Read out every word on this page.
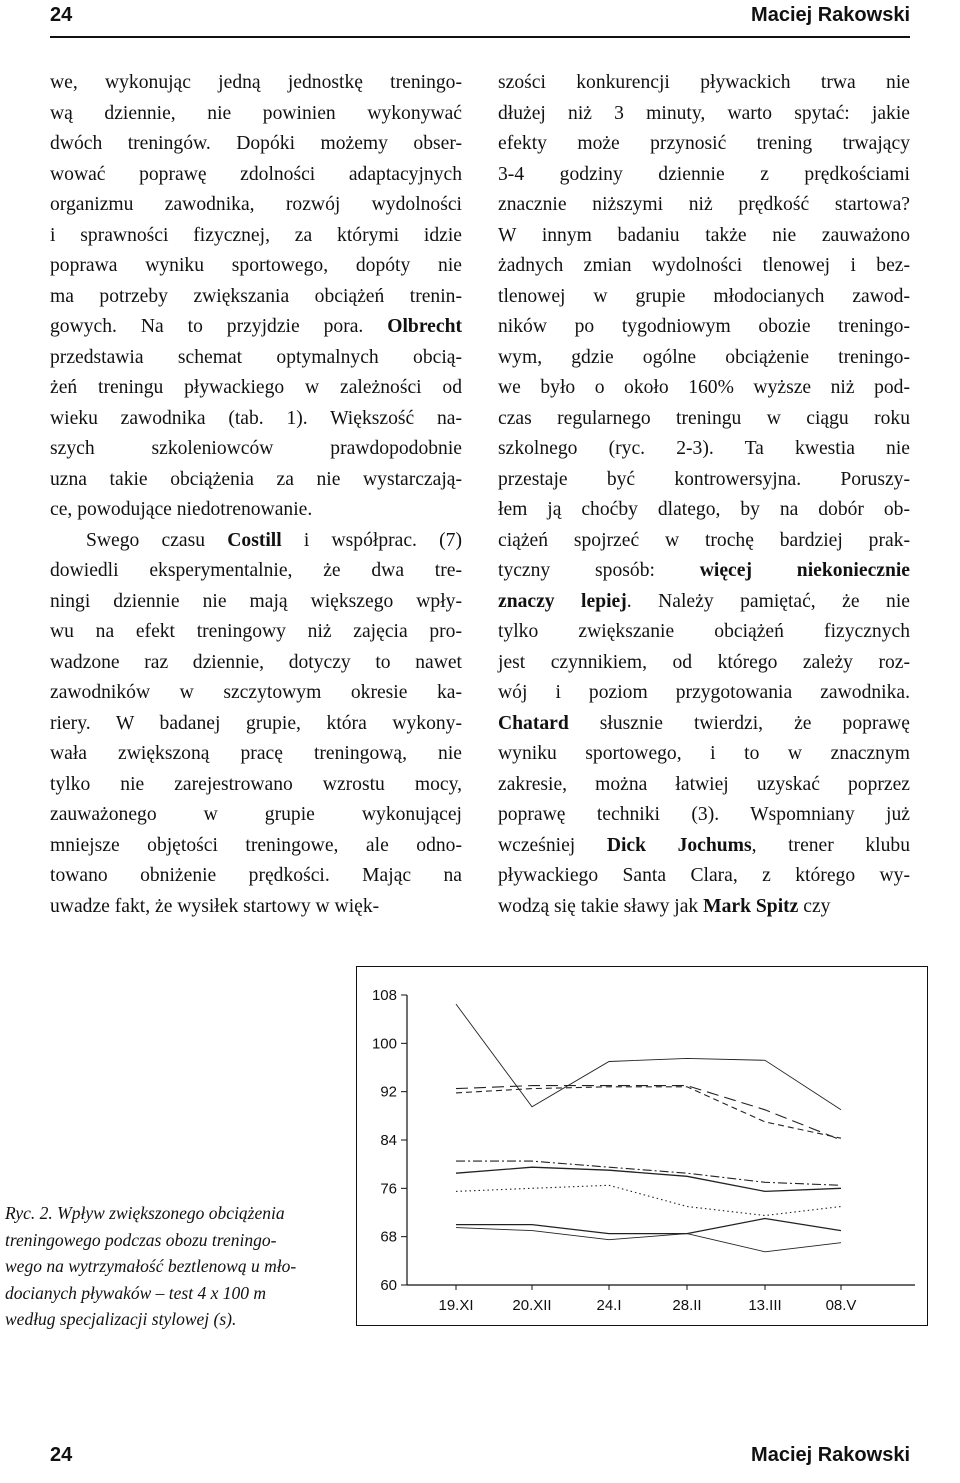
24	Maciej Rakowski
we, wykonując jedną jednostkę treningo-
wą dziennie, nie powinien wykonywać
dwóch treningów. Dopóki możemy obser-
wować poprawę zdolności adaptacyjnych
organizmu zawodnika, rozwój wydolności
i sprawności fizycznej, za którymi idzie
poprawa wyniku sportowego, dopóty nie
ma potrzeby zwiększania obciążeń trenin-
gowych. Na to przyjdzie pora. Olbrecht
przedstawia schemat optymalnych obcią-
żeń treningu pływackiego w zależności od
wieku zawodnika (tab. 1). Większość na-
szych szkoleniowców prawdopodobnie
uzna takie obciążenia za nie wystarczają-
ce, powodujące niedotrenowanie.
Swego czasu Costill i współprac. (7)
dowiedli eksperymentalnie, że dwa tre-
ningi dziennie nie mają większego wpły-
wu na efekt treningowy niż zajęcia pro-
wadzone raz dziennie, dotyczy to nawet
zawodników w szczytowym okresie ka-
riery. W badanej grupie, która wykony-
wała zwiększoną pracę treningową, nie
tylko nie zarejestrowano wzrostu mocy,
zauważonego w grupie wykonującej
mniejsze objętości treningowe, ale odno-
towano obniżenie prędkości. Mając na
uwadze fakt, że wysiłek startowy w więk-
szości konkurencji pływackich trwa nie
dłużej niż 3 minuty, warto spytać: jakie
efekty może przynosić trening trwający
3-4 godziny dziennie z prędkościami
znacznie niższymi niż prędkość startowa?
W innym badaniu także nie zauważono
żadnych zmian wydolności tlenowej i bez-
tlenowej w grupie młodocianych zawod-
ników po tygodniowym obozie treningo-
wym, gdzie ogólne obciążenie treningo-
we było o około 160% wyższe niż pod-
czas regularnego treningu w ciągu roku
szkolnego (ryc. 2-3). Ta kwestia nie
przestaje być kontrowersyjna. Poruszy-
łem ją choćby dlatego, by na dobór ob-
ciążeń spojrzeć w trochę bardziej prak-
tyczny sposób: więcej niekoniecznie
znaczy lepiej. Należy pamiętać, że nie
tylko zwiększanie obciążeń fizycznych
jest czynnikiem, od którego zależy roz-
wój i poziom przygotowania zawodnika.
Chatard słusznie twierdzi, że poprawę
wyniku sportowego, i to w znacznym
zakresie, można łatwiej uzyskać poprzez
poprawę techniki (3). Wspomniany już
wcześniej Dick Jochums, trener klubu
pływackiego Santa Clara, z którego wy-
wodzą się takie sławy jak Mark Spitz czy
Ryc. 2. Wpływ zwiększonego obciążenia
treningowego podczas obozu treningo-
wego na wytrzymałość beztlenową u mło-
docianych pływaków – test 4 x 100 m
według specjalizacji stylowej (s).
108
100
92
84
76
68
60
19.XI	20.XII	24.I	28.II	13.III	08.V
24	Maciej Rakowski
